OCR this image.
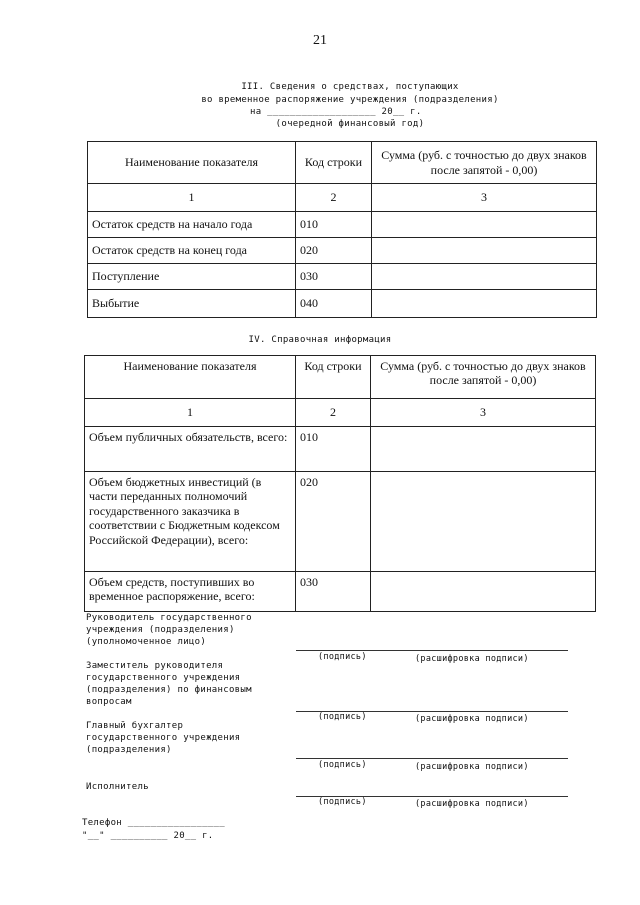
21
III. Сведения о средствах, поступающих
во временное распоряжение учреждения (подразделения)
на ___________________ 20__ г.
(очередной финансовый год)
Наименование показателя	Код строки	Сумма (руб. с точностью до двух знаков после запятой - 0,00)
1	2	3
Остаток средств на начало года	010	
Остаток средств на конец года	020	
Поступление	030	
Выбытие	040	
IV. Справочная информация
Наименование показателя	Код строки	Сумма (руб. с точностью до двух знаков после запятой - 0,00)
1	2	3
Объем публичных обязательств, всего:	010	
Объем бюджетных инвестиций (в части переданных полномочий государственного заказчика в соответствии с Бюджетным кодексом Российской Федерации), всего:	020	
Объем средств, поступивших во временное распоряжение, всего:	030	
Руководитель государственного
учреждения (подразделения)
(уполномоченное лицо)
(подпись)	(расшифровка подписи)
Заместитель руководителя
государственного учреждения
(подразделения) по финансовым
вопросам
(подпись)	(расшифровка подписи)
Главный бухгалтер
государственного учреждения
(подразделения)
(подпись)	(расшифровка подписи)
Исполнитель
(подпись)	(расшифровка подписи)
Телефон _________________
"__" __________ 20__ г.
